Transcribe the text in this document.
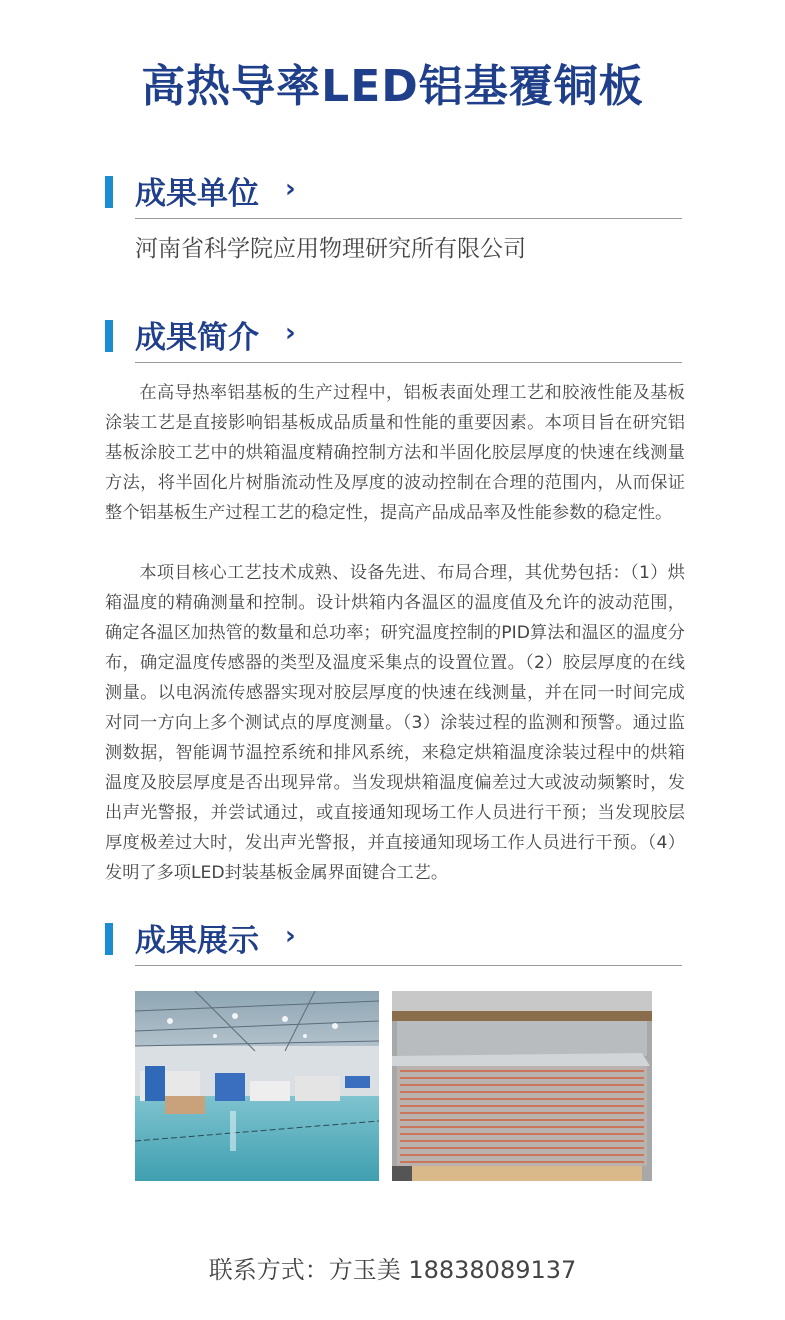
高热导率LED铝基覆铜板
成果单位 ›
河南省科学院应用物理研究所有限公司
成果简介 ›

在高导热率铝基板的生产过程中，铝板表面处理工艺和胶液性能及基板涂装工艺是直接影响铝基板成品质量和性能的重要因素。本项目旨在研究铝基板涂胶工艺中的烘箱温度精确控制方法和半固化胶层厚度的快速在线测量方法，将半固化片树脂流动性及厚度的波动控制在合理的范围内，从而保证整个铝基板生产过程工艺的稳定性，提高产品成品率及性能参数的稳定性。

本项目核心工艺技术成熟、设备先进、布局合理，其优势包括：（1）烘箱温度的精确测量和控制。设计烘箱内各温区的温度值及允许的波动范围，确定各温区加热管的数量和总功率；研究温度控制的PID算法和温区的温度分布，确定温度传感器的类型及温度采集点的设置位置。（2）胶层厚度的在线测量。以电涡流传感器实现对胶层厚度的快速在线测量，并在同一时间完成对同一方向上多个测试点的厚度测量。（3）涂装过程的监测和预警。通过监测数据，智能调节温控系统和排风系统，来稳定烘箱温度涂装过程中的烘箱温度及胶层厚度是否出现异常。当发现烘箱温度偏差过大或波动频繁时，发出声光警报，并尝试通过，或直接通知现场工作人员进行干预；当发现胶层厚度极差过大时，发出声光警报，并直接通知现场工作人员进行干预。（4）发明了多项LED封装基板金属界面键合工艺。

成果展示 ›
联系方式：方玉美 18838089137
